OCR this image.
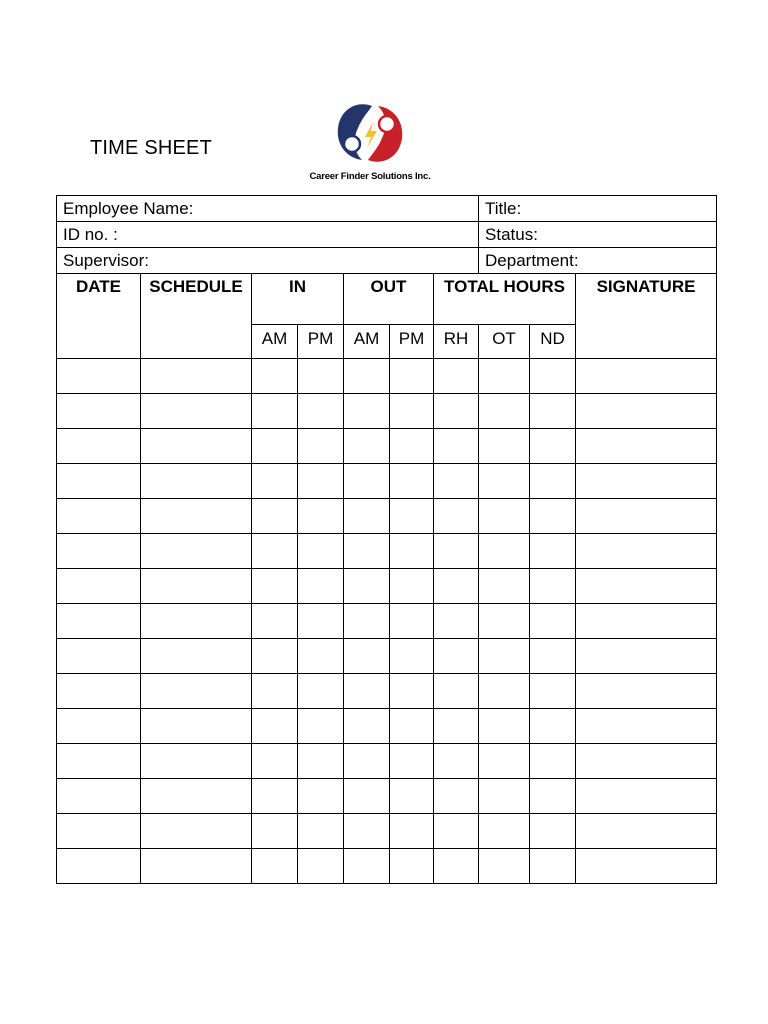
TIME SHEET
Career Finder Solutions Inc.
Employee Name:							Title:		
ID no. :							Status:		
Supervisor:							Department:		
DATE	SCHEDULE	IN		OUT		TOTAL HOURS			SIGNATURE
		AM	PM	AM	PM	RH	OT	ND	
